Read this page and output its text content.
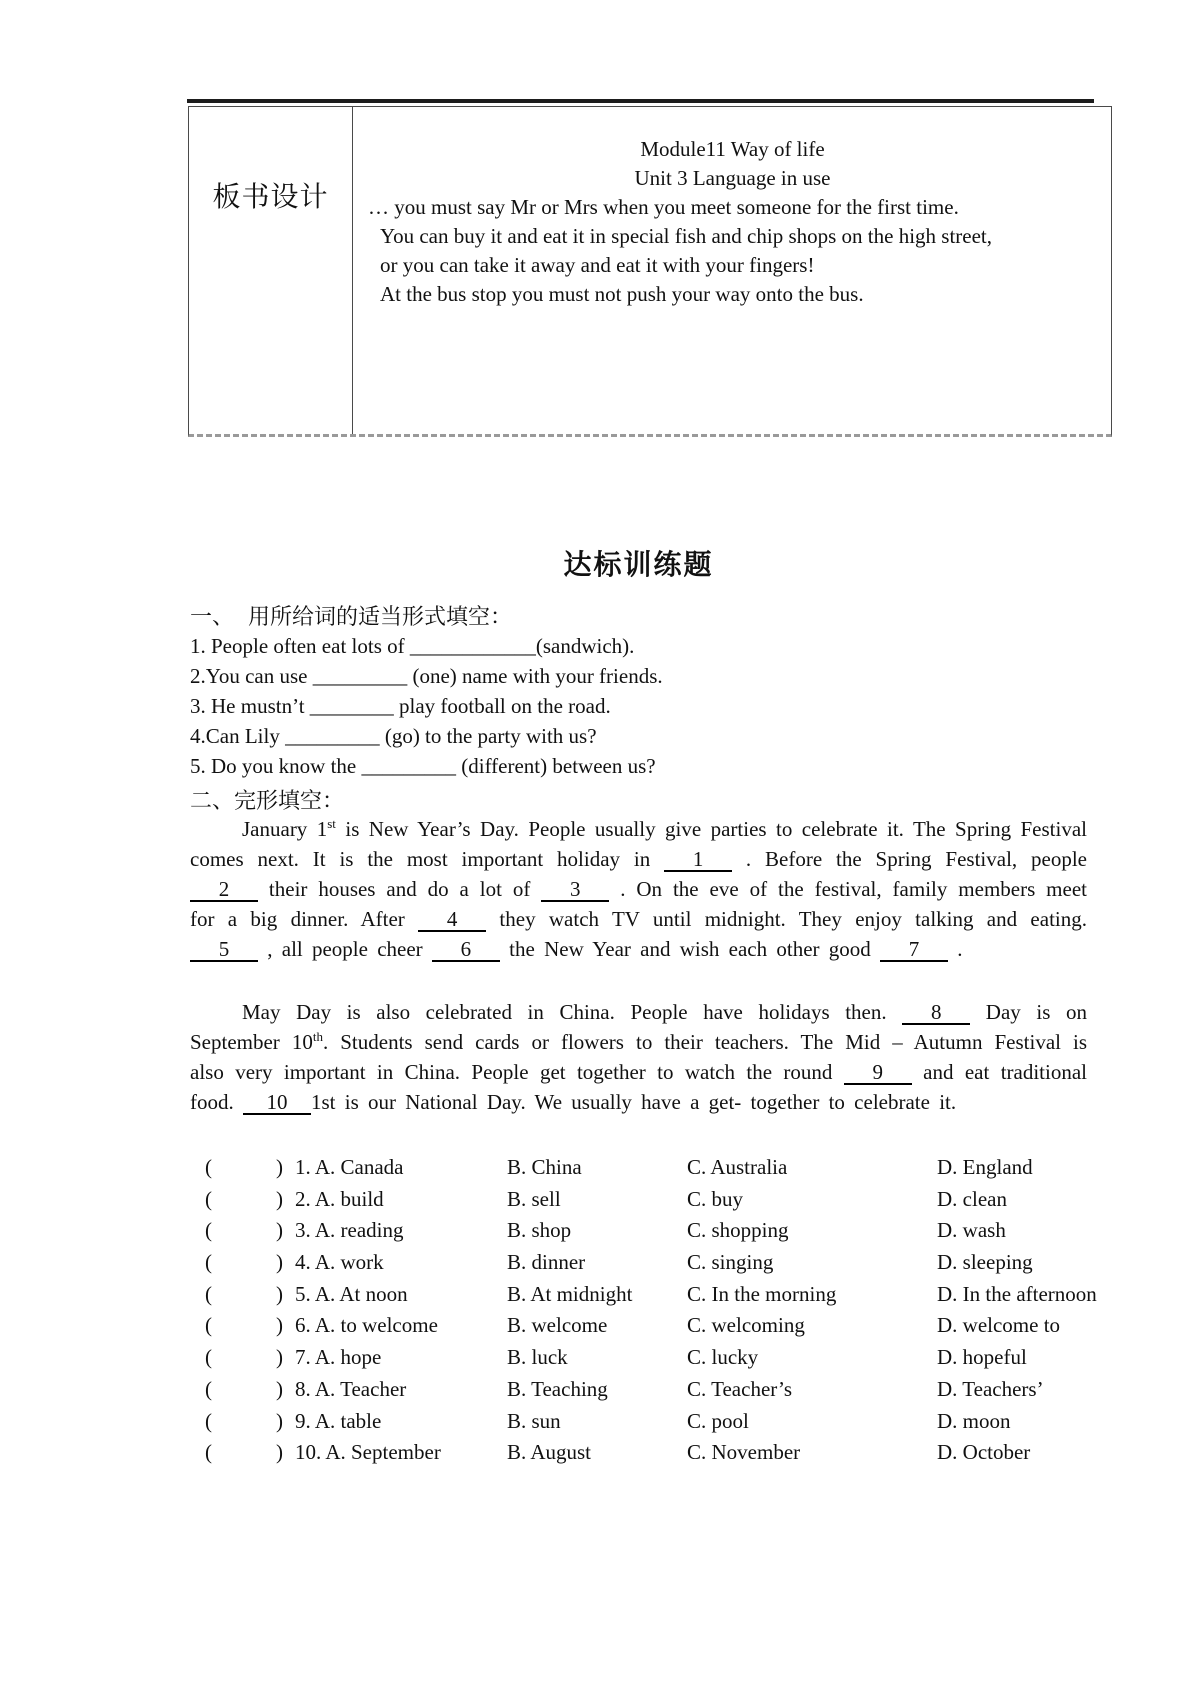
板书设计
Module11 Way of life
Unit 3 Language in use
… you must say Mr or Mrs when you meet someone for the first time.
You can buy it and eat it in special fish and chip shops on the high street,
or you can take it away and eat it with your fingers!
At the bus stop you must not push your way onto the bus.
达标训练题
一、 用所给词的适当形式填空：
1. People often eat lots of ____________(sandwich).
2.You can use _________ (one) name with your friends.
3. He mustn’t ________ play football on the road.
4.Can Lily _________ (go) to the party with us?
5. Do you know the _________ (different) between us?
二、完形填空：
January 1st is New Year’s Day. People usually give parties to celebrate it. The Spring Festival comes next. It is the most important holiday in 1 . Before the Spring Festival, people 2 their houses and do a lot of 3 . On the eve of the festival, family members meet for a big dinner. After 4 they watch TV until midnight. They enjoy talking and eating.5 , all people cheer 6 the New Year and wish each other good 7 .
May Day is also celebrated in China. People have holidays then. 8 Day is on September 10th. Students send cards or flowers to their teachers. The Mid – Autumn Festival is also very important in China. People get together to watch the round 9 and eat traditional food. 10 1st is our National Day. We usually have a get- together to celebrate it.
(	) 1. A. Canada	B. China	C. Australia	D. England
(	) 2. A. build	B. sell	C. buy	D. clean
(	) 3. A. reading	B. shop	C. shopping	D. wash
(	) 4. A. work	B. dinner	C. singing	D. sleeping
(	) 5. A. At noon	B. At midnight	C. In the morning	D. In the afternoon
(	) 6. A. to welcome	B. welcome	C. welcoming	D. welcome to
(	) 7. A. hope	B. luck	C. lucky	D. hopeful
(	) 8. A. Teacher	B. Teaching	C. Teacher’s	D. Teachers’
(	) 9. A. table	B. sun	C. pool	D. moon
(	) 10. A. September	B. August	C. November	D. October
